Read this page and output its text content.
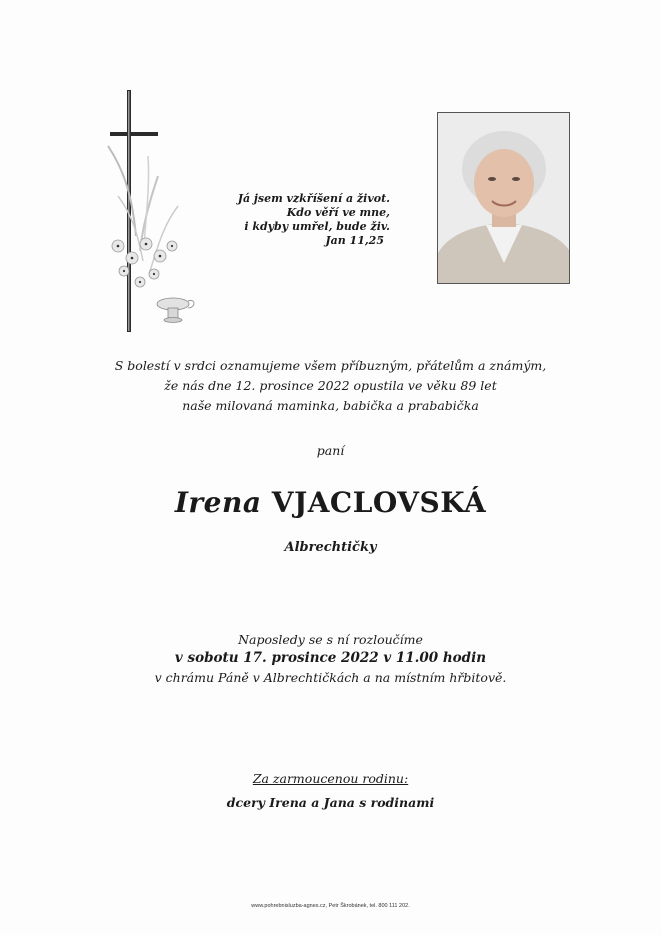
Já jsem vzkříšení a život.
Kdo věří ve mne,
i kdyby umřel, bude živ.
Jan 11,25
S bolestí v srdci oznamujeme všem příbuzným, přátelům a známým,
že nás dne 12. prosince 2022 opustila ve věku 89 let
naše milovaná maminka, babička a prababička
paní
Irena VJACLOVSKÁ
Albrechtičky
Naposledy se s ní rozloučíme
v sobotu 17. prosince 2022 v 11.00 hodin
v chrámu Páně v Albrechtičkách a na místním hřbitově.
Za zarmoucenou rodinu:
dcery Irena a Jana s rodinami
www.pohrebnisluzba-agnes.cz, Petr Škrobánek, tel. 800 111 202.
